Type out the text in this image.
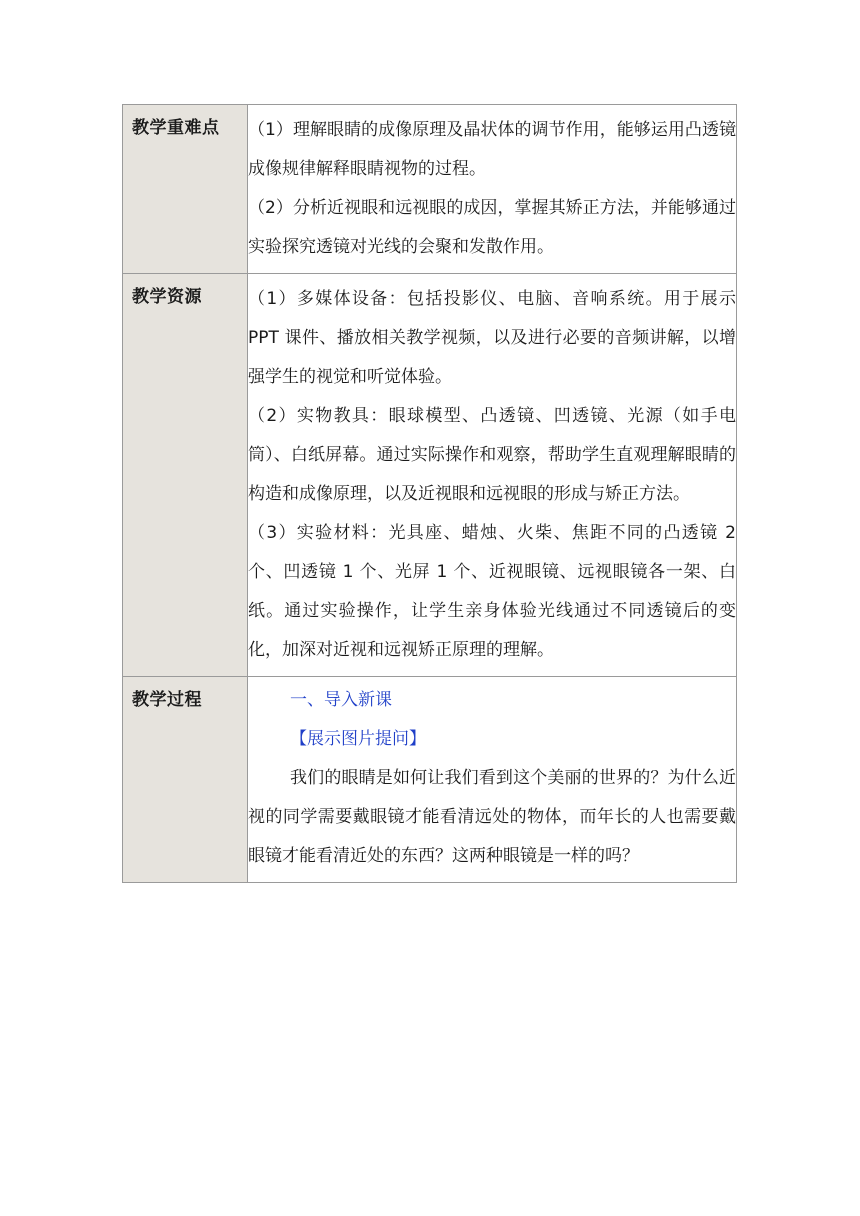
教学重难点	（1）理解眼睛的成像原理及晶状体的调节作用，能够运用凸透镜成像规律解释眼睛视物的过程。

（2）分析近视眼和远视眼的成因，掌握其矫正方法，并能够通过实验探究透镜对光线的会聚和发散作用。

教学资源	（1）多媒体设备：包括投影仪、电脑、音响系统。用于展示 PPT 课件、播放相关教学视频，以及进行必要的音频讲解，以增强学生的视觉和听觉体验。

（2）实物教具：眼球模型、凸透镜、凹透镜、光源（如手电筒）、白纸屏幕。通过实际操作和观察，帮助学生直观理解眼睛的构造和成像原理，以及近视眼和远视眼的形成与矫正方法。

（3）实验材料：光具座、蜡烛、火柴、焦距不同的凸透镜 2 个、凹透镜 1 个、光屏 1 个、近视眼镜、远视眼镜各一架、白纸。通过实验操作，让学生亲身体验光线通过不同透镜后的变化，加深对近视和远视矫正原理的理解。

教学过程	一、导入新课

【展示图片提问】

我们的眼睛是如何让我们看到这个美丽的世界的？为什么近视的同学需要戴眼镜才能看清远处的物体，而年长的人也需要戴眼镜才能看清近处的东西？这两种眼镜是一样的吗？
